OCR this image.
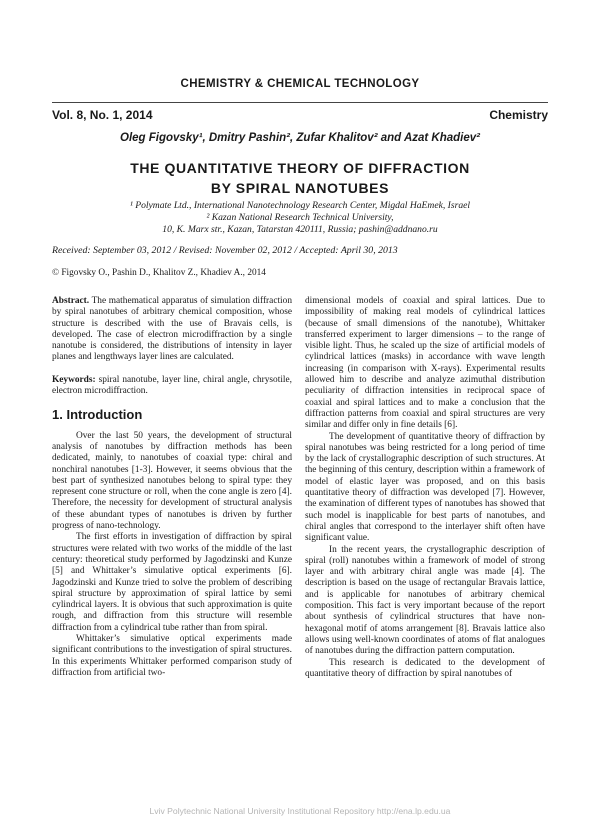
CHEMISTRY & CHEMICAL TECHNOLOGY
Vol. 8, No. 1, 2014	Chemistry
Oleg Figovsky¹, Dmitry Pashin², Zufar Khalitov² and Azat Khadiev²
THE QUANTITATIVE THEORY OF DIFFRACTION
BY SPIRAL NANOTUBES
¹ Polymate Ltd., International Nanotechnology Research Center, Migdal HaEmek, Israel
² Kazan National Research Technical University,
10, K. Marx str., Kazan, Tatarstan 420111, Russia; pashin@addnano.ru
Received: September 03, 2012 / Revised: November 02, 2012 / Accepted: April 30, 2013
© Figovsky O., Pashin D., Khalitov Z., Khadiev A., 2014

Abstract. The mathematical apparatus of simulation diffraction by spiral nanotubes of arbitrary chemical composition, whose structure is described with the use of Bravais cells, is developed. The case of electron microdiffraction by a single nanotube is considered, the distributions of intensity in layer planes and lengthways layer lines are calculated.

Keywords: spiral nanotube, layer line, chiral angle, chrysotile, electron microdiffraction.

1. Introduction

Over the last 50 years, the development of structural analysis of nanotubes by diffraction methods has been dedicated, mainly, to nanotubes of coaxial type: chiral and nonchiral nanotubes [1-3]. However, it seems obvious that the best part of synthesized nanotubes belong to spiral type: they represent cone structure or roll, when the cone angle is zero [4]. Therefore, the necessity for development of structural analysis of these abundant types of nanotubes is driven by further progress of nano-technology.

The first efforts in investigation of diffraction by spiral structures were related with two works of the middle of the last century: theoretical study performed by Jagodzinski and Kunze [5] and Whittaker’s simulative optical experiments [6]. Jagodzinski and Kunze tried to solve the problem of describing spiral structure by approximation of spiral lattice by semi cylindrical layers. It is obvious that such approximation is quite rough, and diffraction from this structure will resemble diffraction from a cylindrical tube rather than from spiral.

Whittaker’s simulative optical experiments made significant contributions to the investigation of spiral structures. In this experiments Whittaker performed comparison study of diffraction from artificial two-

dimensional models of coaxial and spiral lattices. Due to impossibility of making real models of cylindrical lattices (because of small dimensions of the nanotube), Whittaker transferred experiment to larger dimensions – to the range of visible light. Thus, he scaled up the size of artificial models of cylindrical lattices (masks) in accordance with wave length increasing (in comparison with X-rays). Experimental results allowed him to describe and analyze azimuthal distribution peculiarity of diffraction intensities in reciprocal space of coaxial and spiral lattices and to make a conclusion that the diffraction patterns from coaxial and spiral structures are very similar and differ only in fine details [6].

The development of quantitative theory of diffraction by spiral nanotubes was being restricted for a long period of time by the lack of crystallographic description of such structures. At the beginning of this century, description within a framework of model of elastic layer was proposed, and on this basis quantitative theory of diffraction was developed [7]. However, the examination of different types of nanotubes has showed that such model is inapplicable for best parts of nanotubes, and chiral angles that correspond to the interlayer shift often have significant value.

In the recent years, the crystallographic description of spiral (roll) nanotubes within a framework of model of strong layer and with arbitrary chiral angle was made [4]. The description is based on the usage of rectangular Bravais lattice, and is applicable for nanotubes of arbitrary chemical composition. This fact is very important because of the report about synthesis of cylindrical structures that have non-hexagonal motif of atoms arrangement [8]. Bravais lattice also allows using well-known coordinates of atoms of flat analogues of nanotubes during the diffraction pattern computation.

This research is dedicated to the development of quantitative theory of diffraction by spiral nanotubes of

Lviv Polytechnic National University Institutional Repository http://ena.lp.edu.ua
